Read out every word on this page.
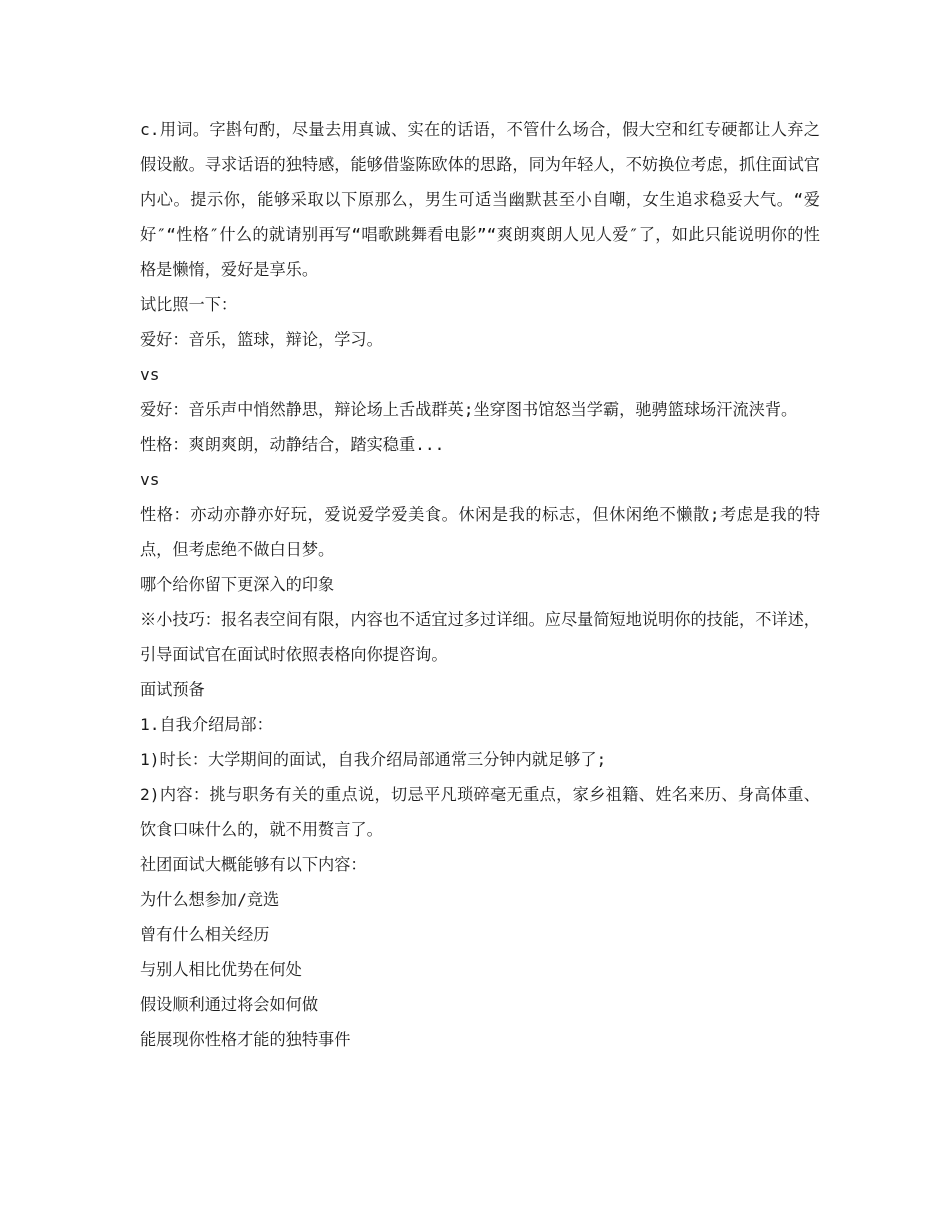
c.用词。字斟句酌，尽量去用真诚、实在的话语，不管什么场合，假大空和红专硬都让人弃之假设敝。寻求话语的独特感，能够借鉴陈欧体的思路，同为年轻人，不妨换位考虑，抓住面试官内心。提示你，能够采取以下原那么，男生可适当幽默甚至小自嘲，女生追求稳妥大气。“爱好″“性格″什么的就请别再写“唱歌跳舞看电影”“爽朗爽朗人见人爱″了，如此只能说明你的性格是懒惰，爱好是享乐。

试比照一下：

爱好：音乐，篮球，辩论，学习。

vs

爱好：音乐声中悄然静思，辩论场上舌战群英;坐穿图书馆怒当学霸，驰骋篮球场汗流浃背。

性格：爽朗爽朗，动静结合，踏实稳重...

vs

性格：亦动亦静亦好玩，爱说爱学爱美食。休闲是我的标志，但休闲绝不懒散;考虑是我的特点，但考虑绝不做白日梦。

哪个给你留下更深入的印象

※小技巧：报名表空间有限，内容也不适宜过多过详细。应尽量简短地说明你的技能，不详述，引导面试官在面试时依照表格向你提咨询。

面试预备

1.自我介绍局部：

1)时长：大学期间的面试，自我介绍局部通常三分钟内就足够了;

2)内容：挑与职务有关的重点说，切忌平凡琐碎毫无重点，家乡祖籍、姓名来历、身高体重、饮食口味什么的，就不用赘言了。

社团面试大概能够有以下内容：

为什么想参加/竞选

曾有什么相关经历

与别人相比优势在何处

假设顺利通过将会如何做

能展现你性格才能的独特事件
